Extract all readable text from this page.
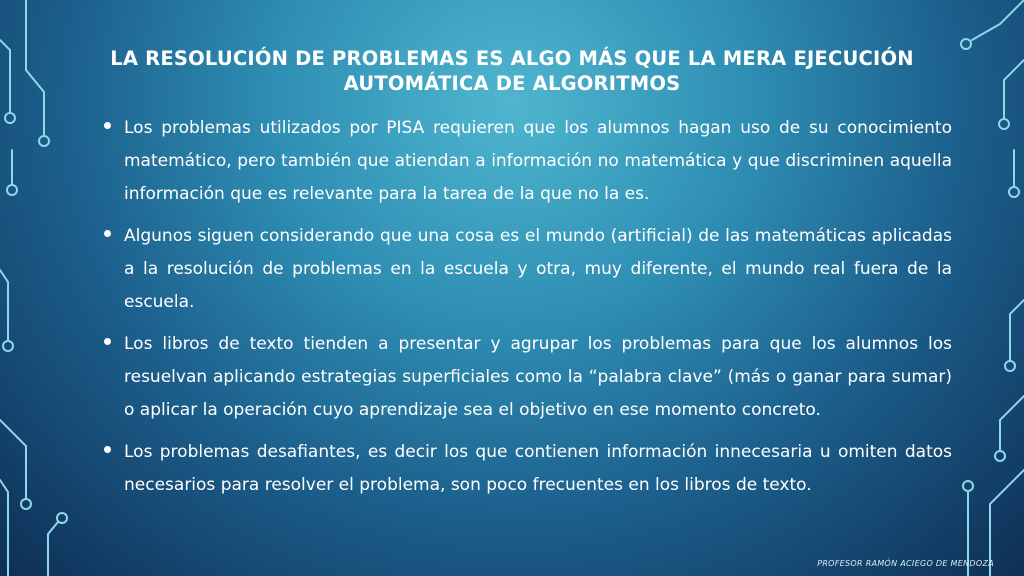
LA RESOLUCIÓN DE PROBLEMAS ES ALGO MÁS QUE LA MERA EJECUCIÓN AUTOMÁTICA DE ALGORITMOS
Los problemas utilizados por PISA requieren que los alumnos hagan uso de su conocimiento matemático, pero también que atiendan a información no matemática y que discriminen aquella información que es relevante para la tarea de la que no la es.
Algunos siguen considerando que una cosa es el mundo (artificial) de las matemáticas aplicadas a la resolución de problemas en la escuela y otra, muy diferente, el mundo real fuera de la escuela.
Los libros de texto tienden a presentar y agrupar los problemas para que los alumnos los resuelvan aplicando estrategias superficiales como la “palabra clave” (más o ganar para sumar) o aplicar la operación cuyo aprendizaje sea el objetivo en ese momento concreto.
Los problemas desafiantes, es decir los que contienen información innecesaria u omiten datos necesarios para resolver el problema, son poco frecuentes en los libros de texto.
PROFESOR RAMÓN ACIEGO DE MENDOZA
